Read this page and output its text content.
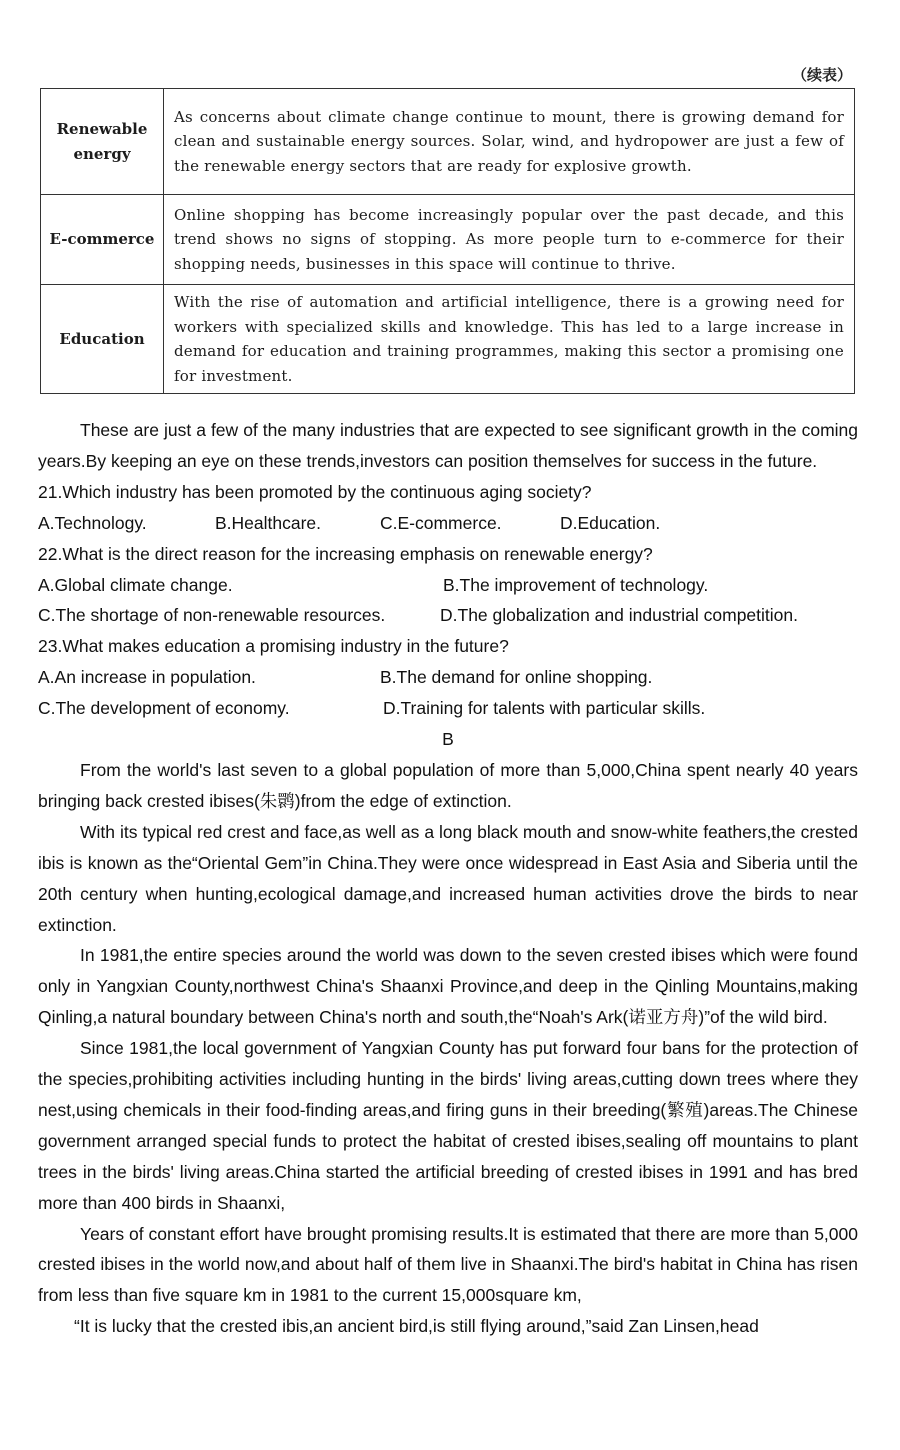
（续表）
Renewable energy	As concerns about climate change continue to mount, there is growing demand for clean and sustainable energy sources. Solar, wind, and hydropower are just a few of the renewable energy sectors that are ready for explosive growth.
E-commerce	Online shopping has become increasingly popular over the past decade, and this trend shows no signs of stopping. As more people turn to e-commerce for their shopping needs, businesses in this space will continue to thrive.
Education	With the rise of automation and artificial intelligence, there is a growing need for workers with specialized skills and knowledge. This has led to a large increase in demand for education and training programmes, making this sector a promising one for investment.

These are just a few of the many industries that are expected to see significant growth in the coming years.By keeping an eye on these trends,investors can position themselves for success in the future.

21.Which industry has been promoted by the continuous aging society?

A.Technology.	B.Healthcare.	C.E-commerce.	D.Education.

22.What is the direct reason for the increasing emphasis on renewable energy?

A.Global climate change.	B.The improvement of technology.
C.The shortage of non-renewable resources.	D.The globalization and industrial competition.

23.What makes education a promising industry in the future?

A.An increase in population.	B.The demand for online shopping.
C.The development of economy.	D.Training for talents with particular skills.

B

From the world's last seven to a global population of more than 5,000,China spent nearly 40 years bringing back crested ibises(朱鹮)from the edge of extinction.

With its typical red crest and face,as well as a long black mouth and snow-white feathers,the crested ibis is known as the“Oriental Gem”in China.They were once widespread in East Asia and Siberia until the 20th century when hunting,ecological damage,and increased human activities drove the birds to near extinction.

In 1981,the entire species around the world was down to the seven crested ibises which were found only in Yangxian County,northwest China's Shaanxi Province,and deep in the Qinling Mountains,making Qinling,a natural boundary between China's north and south,the“Noah's Ark(诺亚方舟)”of the wild bird.

Since 1981,the local government of Yangxian County has put forward four bans for the protection of the species,prohibiting activities including hunting in the birds' living areas,cutting down trees where they nest,using chemicals in their food-finding areas,and firing guns in their breeding(繁殖)areas.The Chinese government arranged special funds to protect the habitat of crested ibises,sealing off mountains to plant trees in the birds' living areas.China started the artificial breeding of crested ibises in 1991 and has bred more than 400 birds in Shaanxi,

Years of constant effort have brought promising results.It is estimated that there are more than 5,000 crested ibises in the world now,and about half of them live in Shaanxi.The bird's habitat in China has risen from less than five square km in 1981 to the current 15,000square km,

“It is lucky that the crested ibis,an ancient bird,is still flying around,”said Zan Linsen,head
